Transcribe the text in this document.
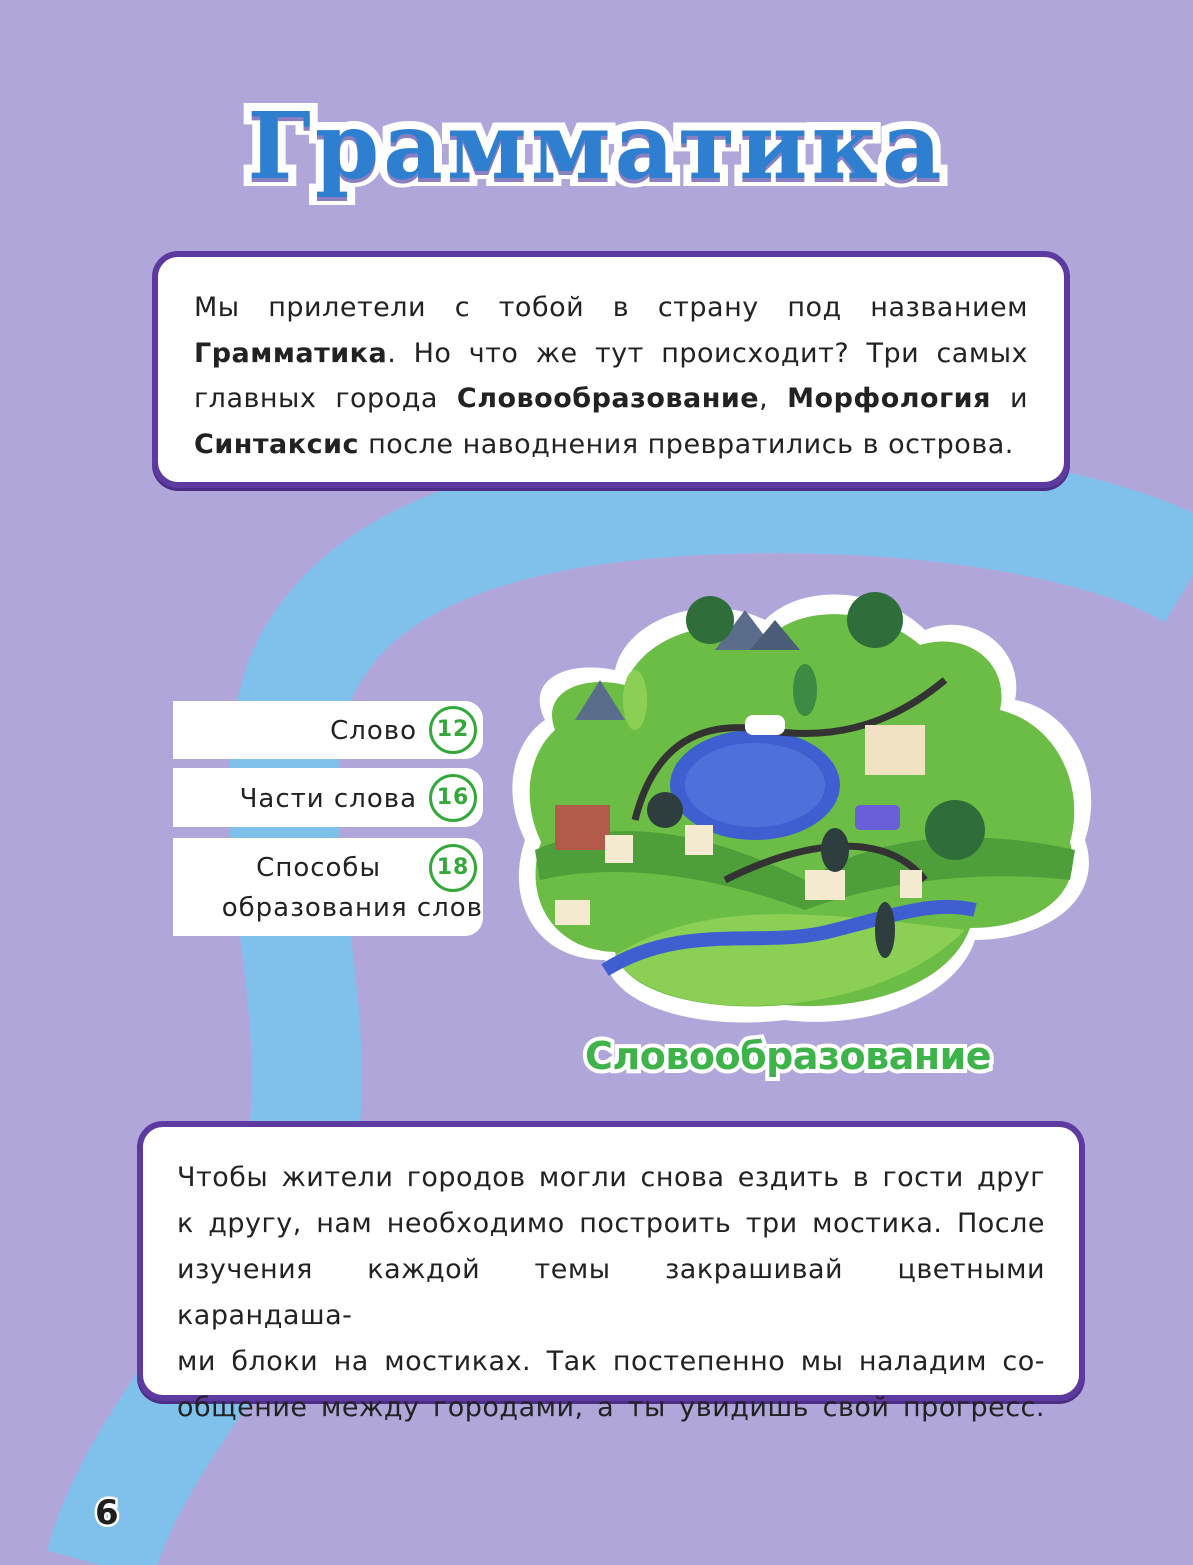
Грамматика

Мы прилетели с тобой в страну под названием

Грамматика. Но что же тут происходит? Три самых

главных города Словообразование, Морфология и

Синтаксис после наводнения превратились в острова.

Слово 12
Части слова 16
Способы
образования слов
18
Словообразование

Чтобы жители городов могли снова ездить в гости друг

к другу, нам необходимо построить три мостика. После

изучения каждой темы закрашивай цветными карандаша-

ми блоки на мостиках. Так постепенно мы наладим со-

общение между городами, а ты увидишь свой прогресс.

6
